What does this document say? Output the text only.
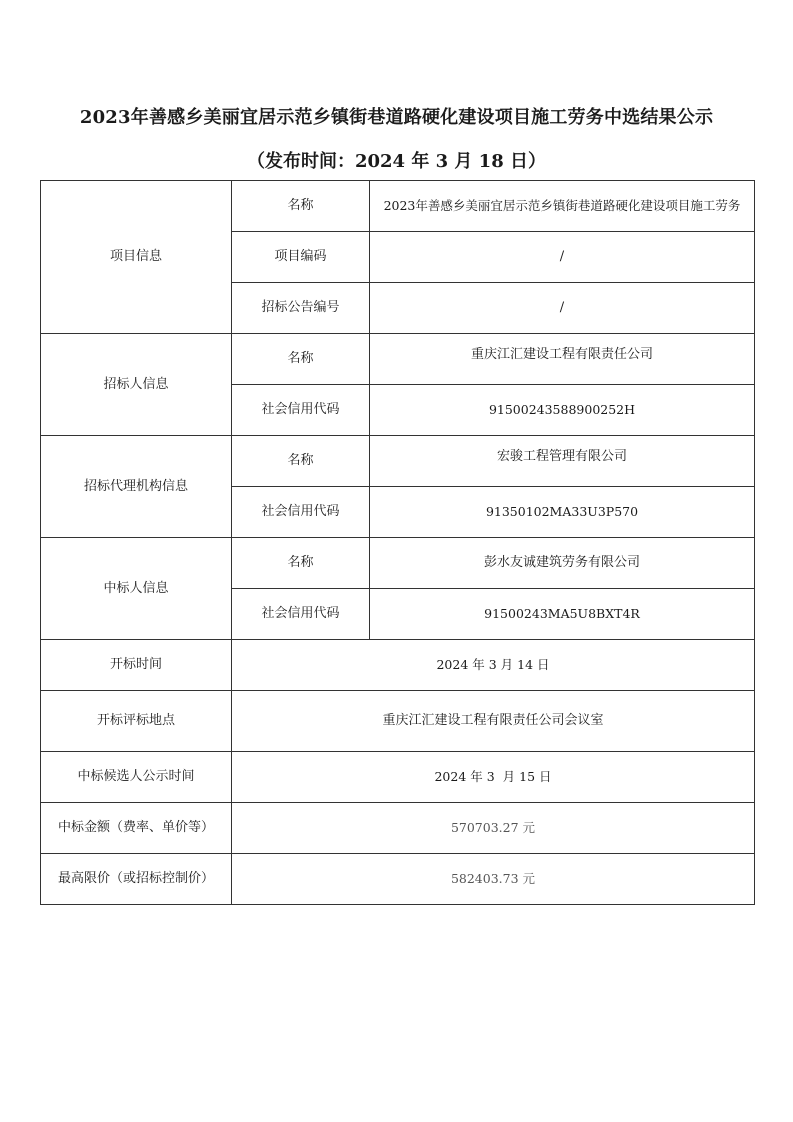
2023年善感乡美丽宜居示范乡镇街巷道路硬化建设项目施工劳务中选结果公示
（发布时间：2024 年 3 月 18 日）
项目信息	名称	2023年善感乡美丽宜居示范乡镇街巷道路硬化建设项目施工劳务
	项目编码	/
	招标公告编号	/
招标人信息	名称	重庆江汇建设工程有限责任公司
	社会信用代码	91500243588900252H
招标代理机构信息	名称	宏骏工程管理有限公司
	社会信用代码	91350102MA33U3P570
中标人信息	名称	彭水友诚建筑劳务有限公司
	社会信用代码	91500243MA5U8BXT4R
开标时间	2024 年 3 月 14 日	
开标评标地点	重庆江汇建设工程有限责任公司会议室	
中标候选人公示时间	2024 年 3  月 15 日	
中标金额（费率、单价等）	570703.27 元	
最高限价（或招标控制价）	582403.73 元	
